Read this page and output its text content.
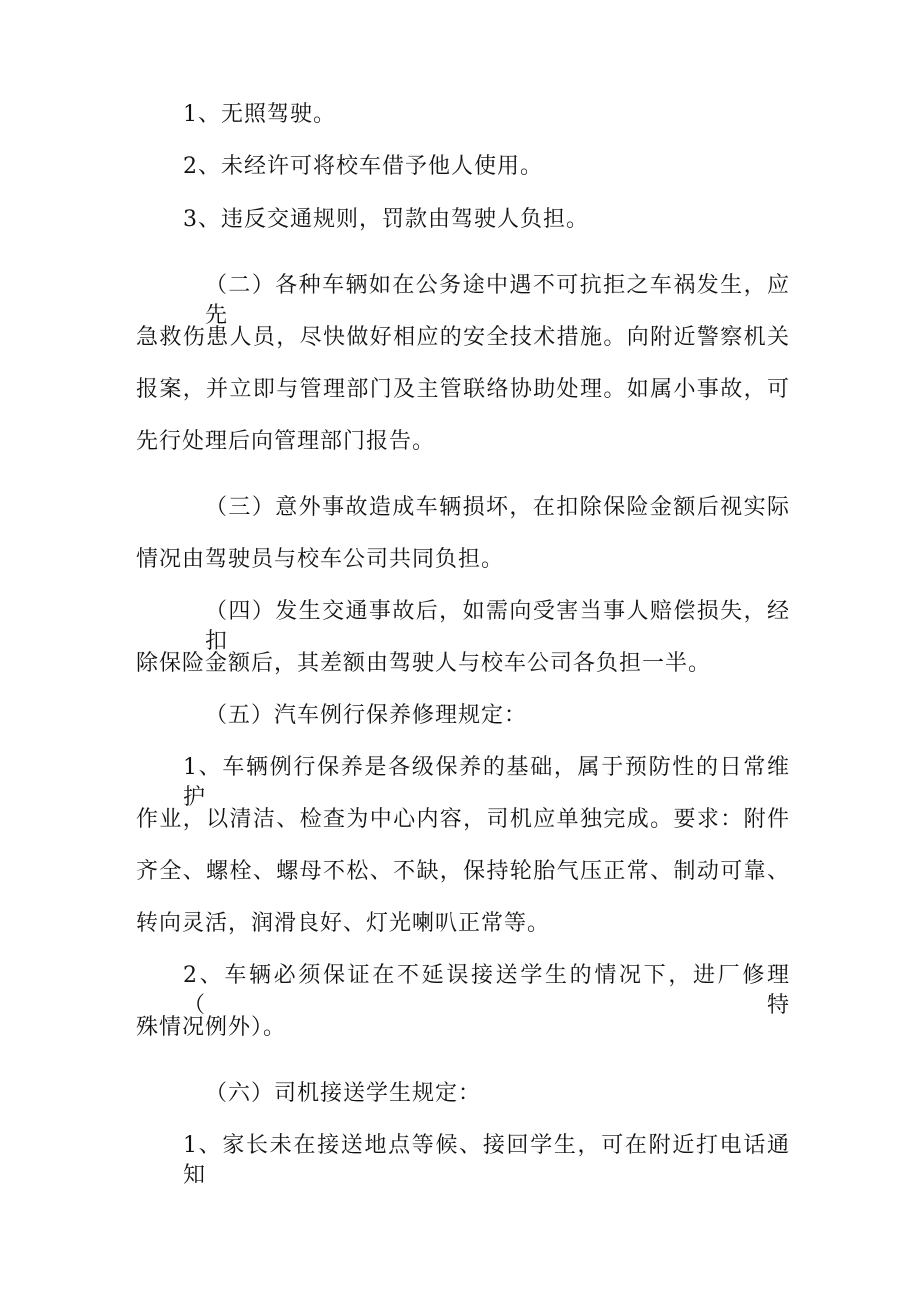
1、无照驾驶。
2、未经许可将校车借予他人使用。
3、违反交通规则，罚款由驾驶人负担。
（二）各种车辆如在公务途中遇不可抗拒之车祸发生，应先
急救伤患人员，尽快做好相应的安全技术措施。向附近警察机关
报案，并立即与管理部门及主管联络协助处理。如属小事故，可
先行处理后向管理部门报告。
（三）意外事故造成车辆损坏，在扣除保险金额后视实际
情况由驾驶员与校车公司共同负担。
（四）发生交通事故后，如需向受害当事人赔偿损失，经扣
除保险金额后，其差额由驾驶人与校车公司各负担一半。
（五）汽车例行保养修理规定：
1、车辆例行保养是各级保养的基础，属于预防性的日常维护
作业，以清洁、检查为中心内容，司机应单独完成。要求：附件
齐全、螺栓、螺母不松、不缺，保持轮胎气压正常、制动可靠、
转向灵活，润滑良好、灯光喇叭正常等。
2、车辆必须保证在不延误接送学生的情况下，进厂修理（特
殊情况例外）。
（六）司机接送学生规定：
1、家长未在接送地点等候、接回学生，可在附近打电话通知
